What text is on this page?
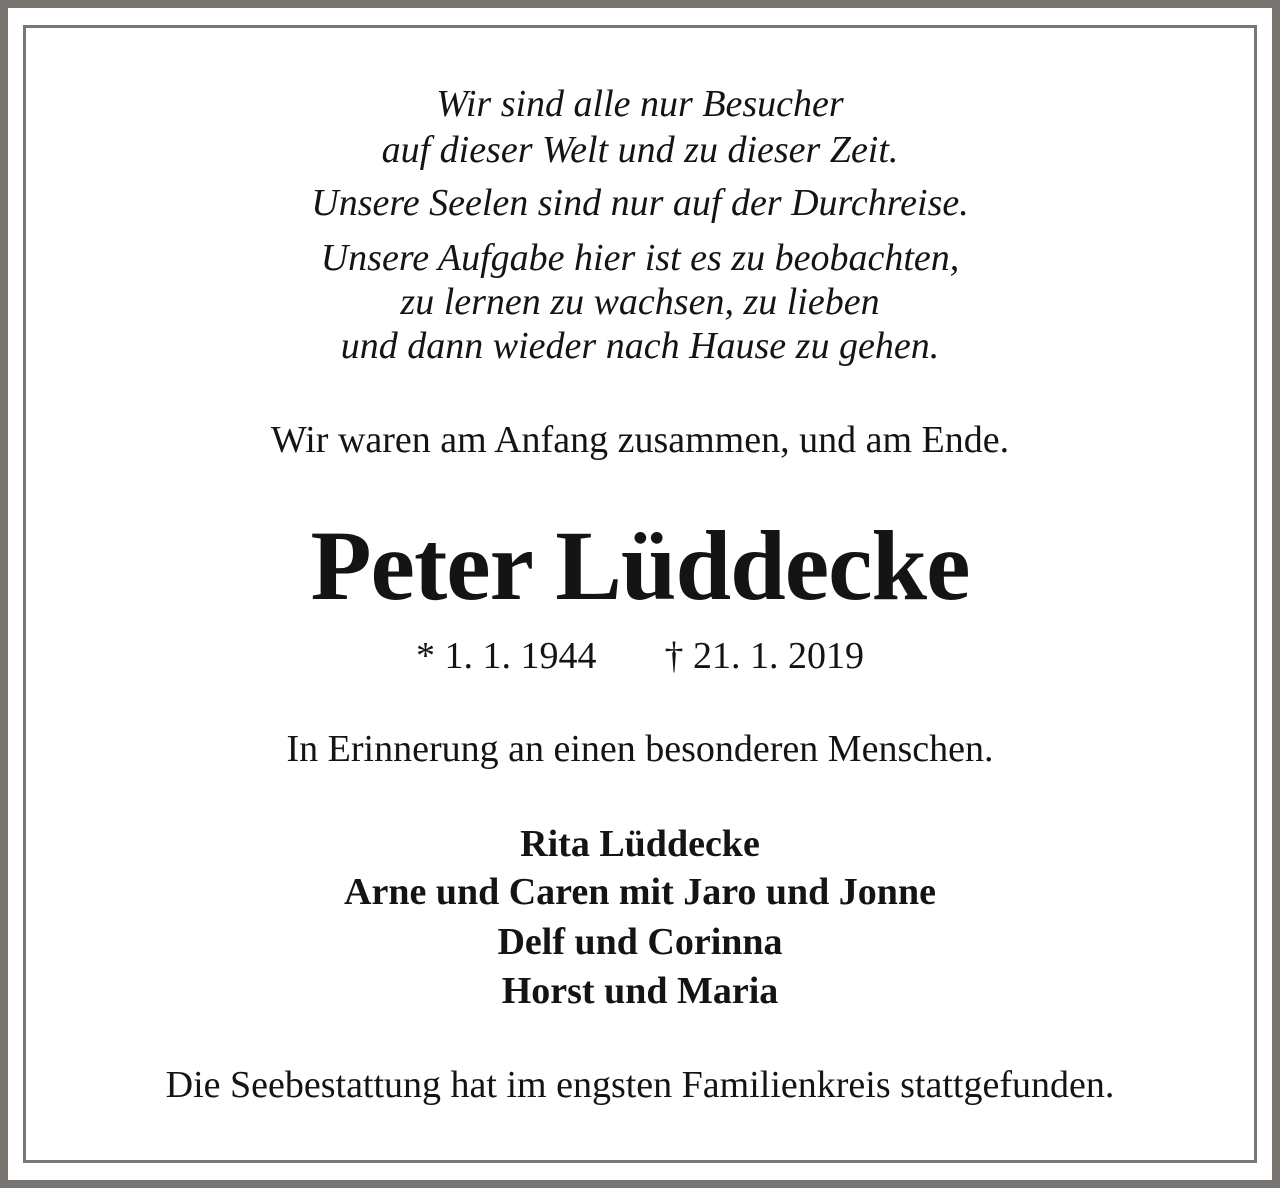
Wir sind alle nur Besucher
auf dieser Welt und zu dieser Zeit.
Unsere Seelen sind nur auf der Durchreise.
Unsere Aufgabe hier ist es zu beobachten,
zu lernen zu wachsen, zu lieben
und dann wieder nach Hause zu gehen.
Wir waren am Anfang zusammen, und am Ende.
Peter Lüddecke
* 1. 1. 1944 † 21. 1. 2019
In Erinnerung an einen besonderen Menschen.
Rita Lüddecke
Arne und Caren mit Jaro und Jonne
Delf und Corinna
Horst und Maria
Die Seebestattung hat im engsten Familienkreis stattgefunden.
